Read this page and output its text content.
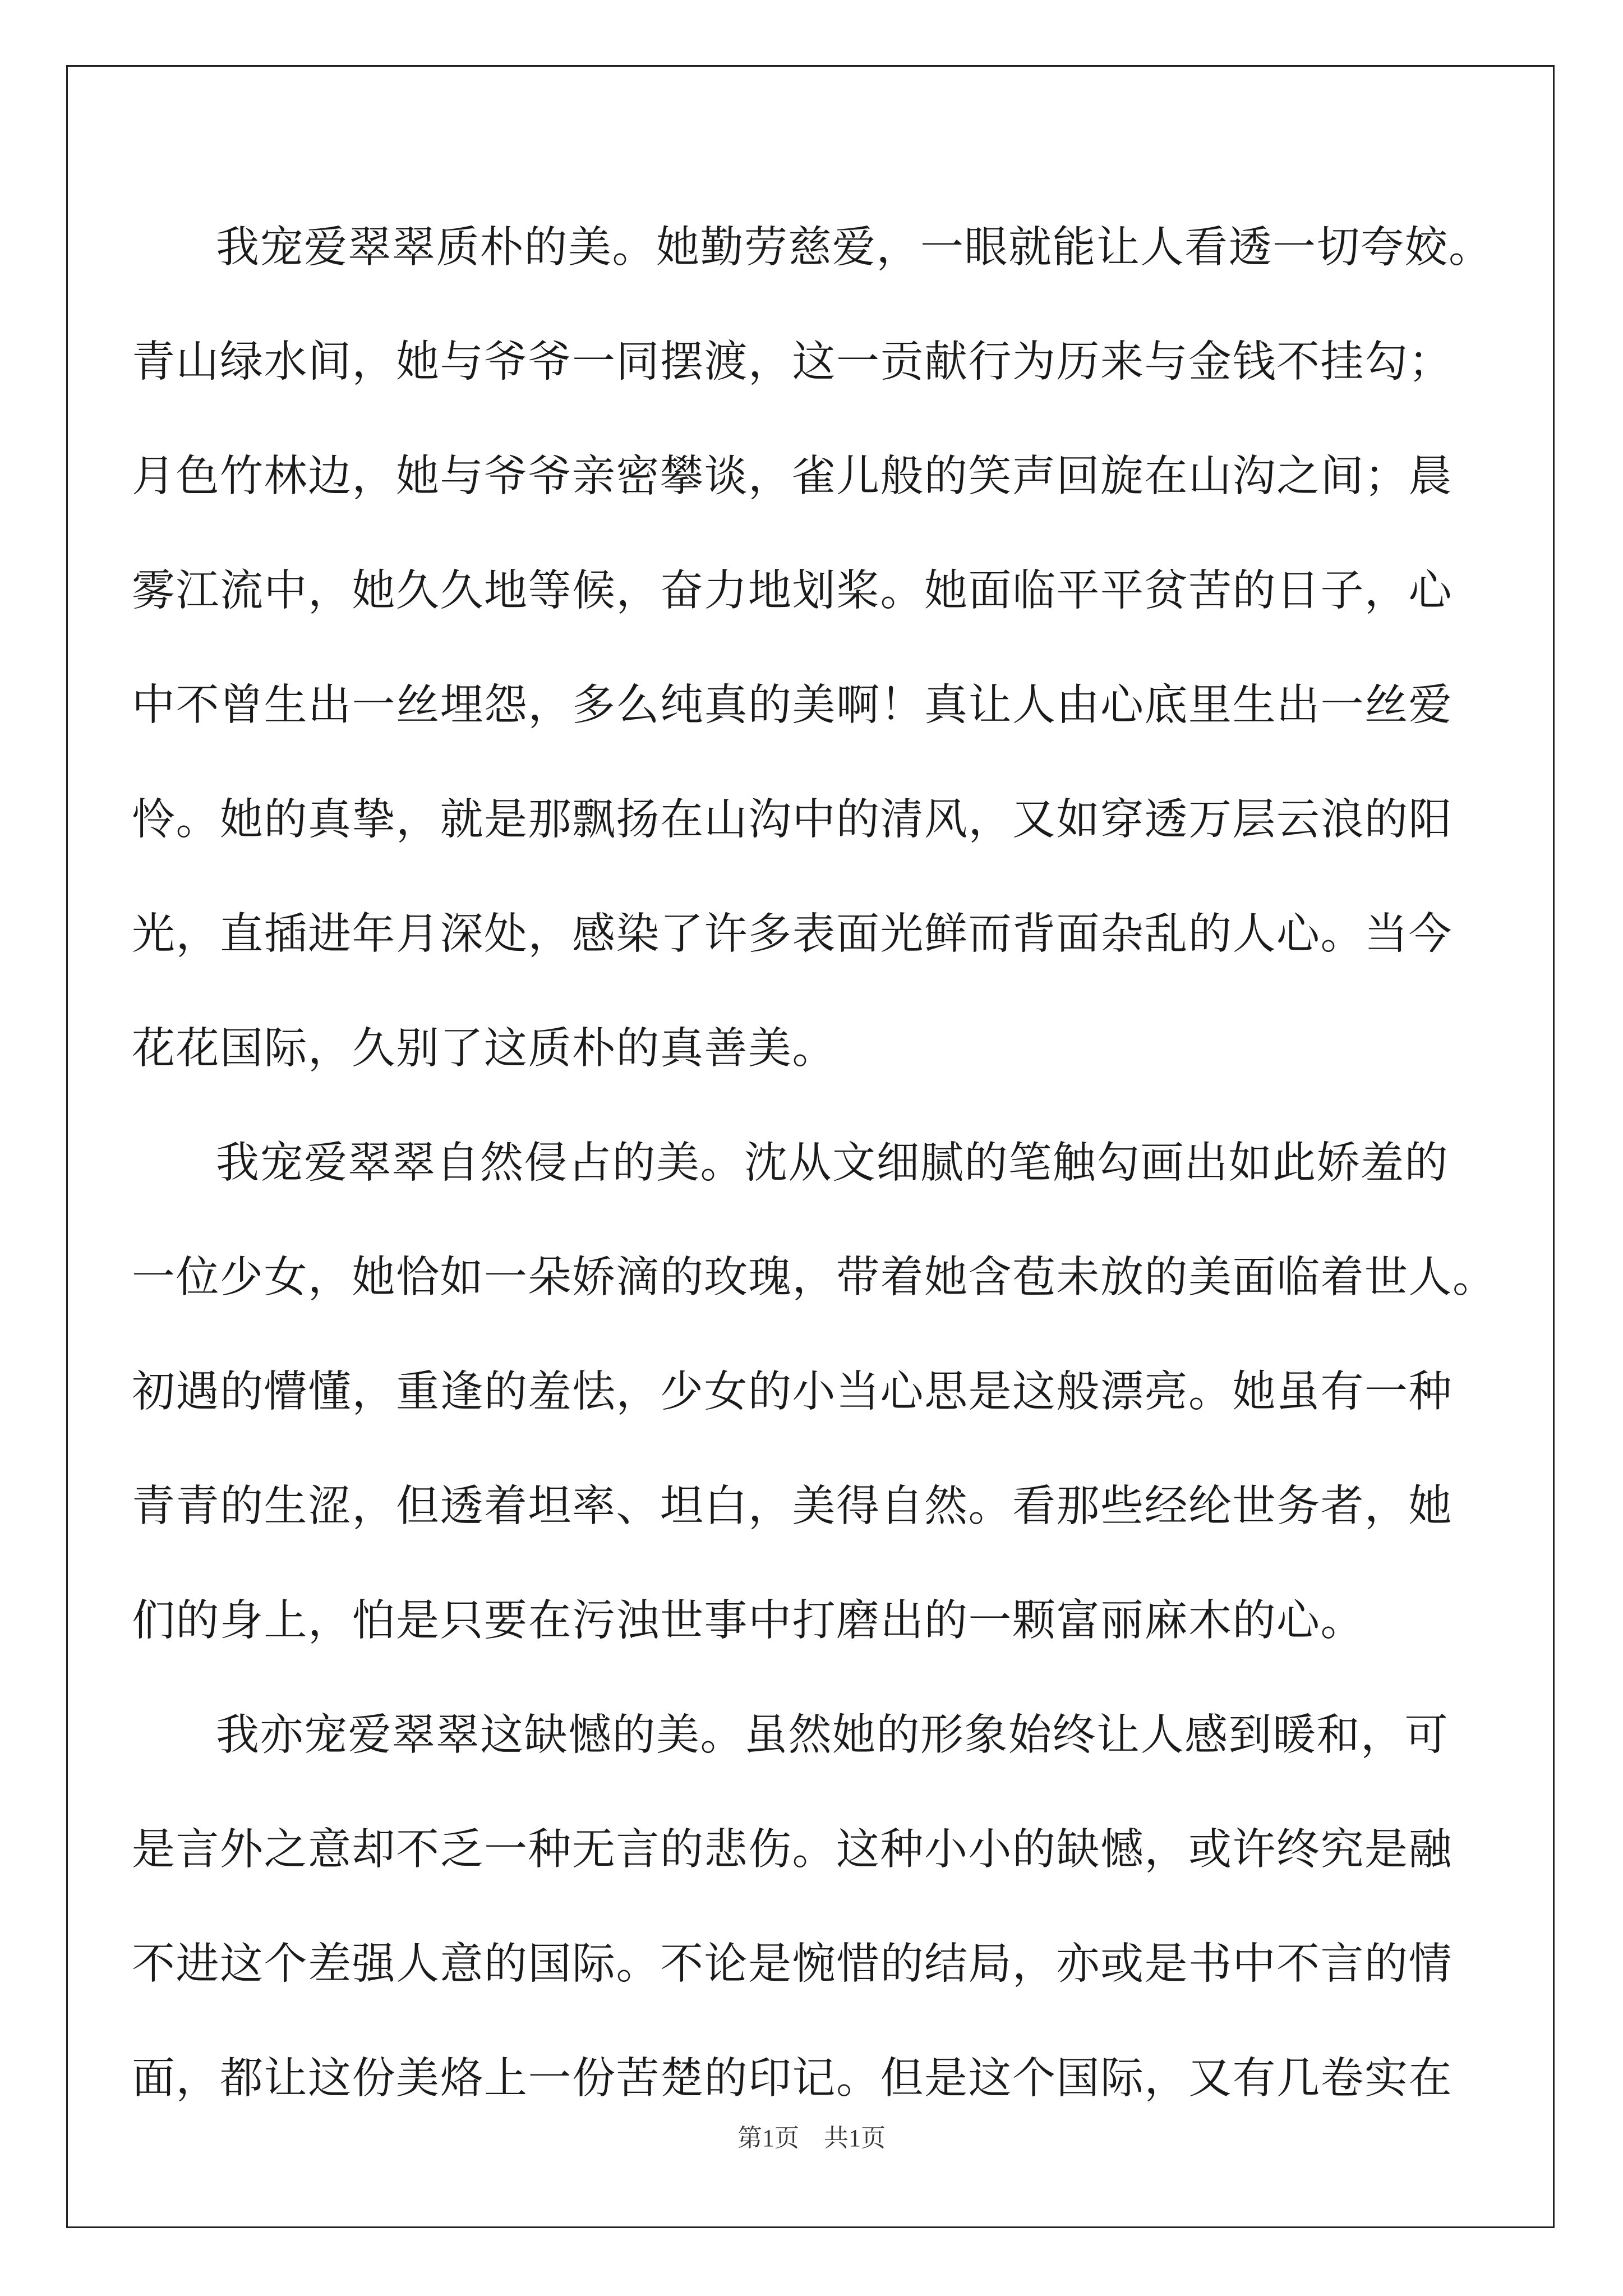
我宠爱翠翠质朴的美。她勤劳慈爱，一眼就能让人看透一切夸姣。
青山绿水间，她与爷爷一同摆渡，这一贡献行为历来与金钱不挂勾；
月色竹林边，她与爷爷亲密攀谈，雀儿般的笑声回旋在山沟之间；晨
雾江流中，她久久地等候，奋力地划桨。她面临平平贫苦的日子，心
中不曾生出一丝埋怨，多么纯真的美啊！真让人由心底里生出一丝爱
怜。她的真挚，就是那飘扬在山沟中的清风，又如穿透万层云浪的阳
光，直插进年月深处，感染了许多表面光鲜而背面杂乱的人心。当今
花花国际，久别了这质朴的真善美。
我宠爱翠翠自然侵占的美。沈从文细腻的笔触勾画出如此娇羞的
一位少女，她恰如一朵娇滴的玫瑰，带着她含苞未放的美面临着世人。
初遇的懵懂，重逢的羞怯，少女的小当心思是这般漂亮。她虽有一种
青青的生涩，但透着坦率、坦白，美得自然。看那些经纶世务者，她
们的身上，怕是只要在污浊世事中打磨出的一颗富丽麻木的心。
我亦宠爱翠翠这缺憾的美。虽然她的形象始终让人感到暖和，可
是言外之意却不乏一种无言的悲伤。这种小小的缺憾，或许终究是融
不进这个差强人意的国际。不论是惋惜的结局，亦或是书中不言的情
面，都让这份美烙上一份苦楚的印记。但是这个国际，又有几卷实在
第1页　共1页
